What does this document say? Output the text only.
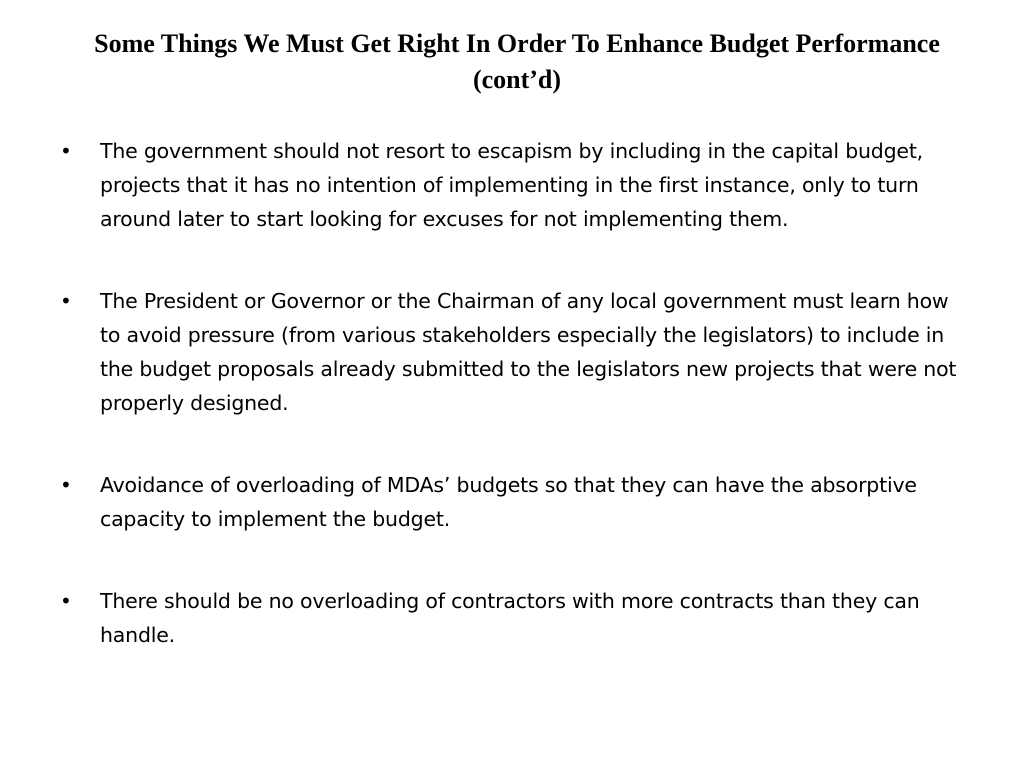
Some Things We Must Get Right In Order To Enhance Budget Performance (cont’d)
• The government should not resort to escapism by including in the capital budget, projects that it has no intention of implementing in the first instance, only to turn around later to start looking for excuses for not implementing them.
• The President or Governor or the Chairman of any local government must learn how to avoid pressure (from various stakeholders especially the legislators) to include in the budget proposals already submitted to the legislators new projects that were not properly designed.
• Avoidance of overloading of MDAs’ budgets so that they can have the absorptive capacity to implement the budget.
• There should be no overloading of contractors with more contracts than they can handle.
